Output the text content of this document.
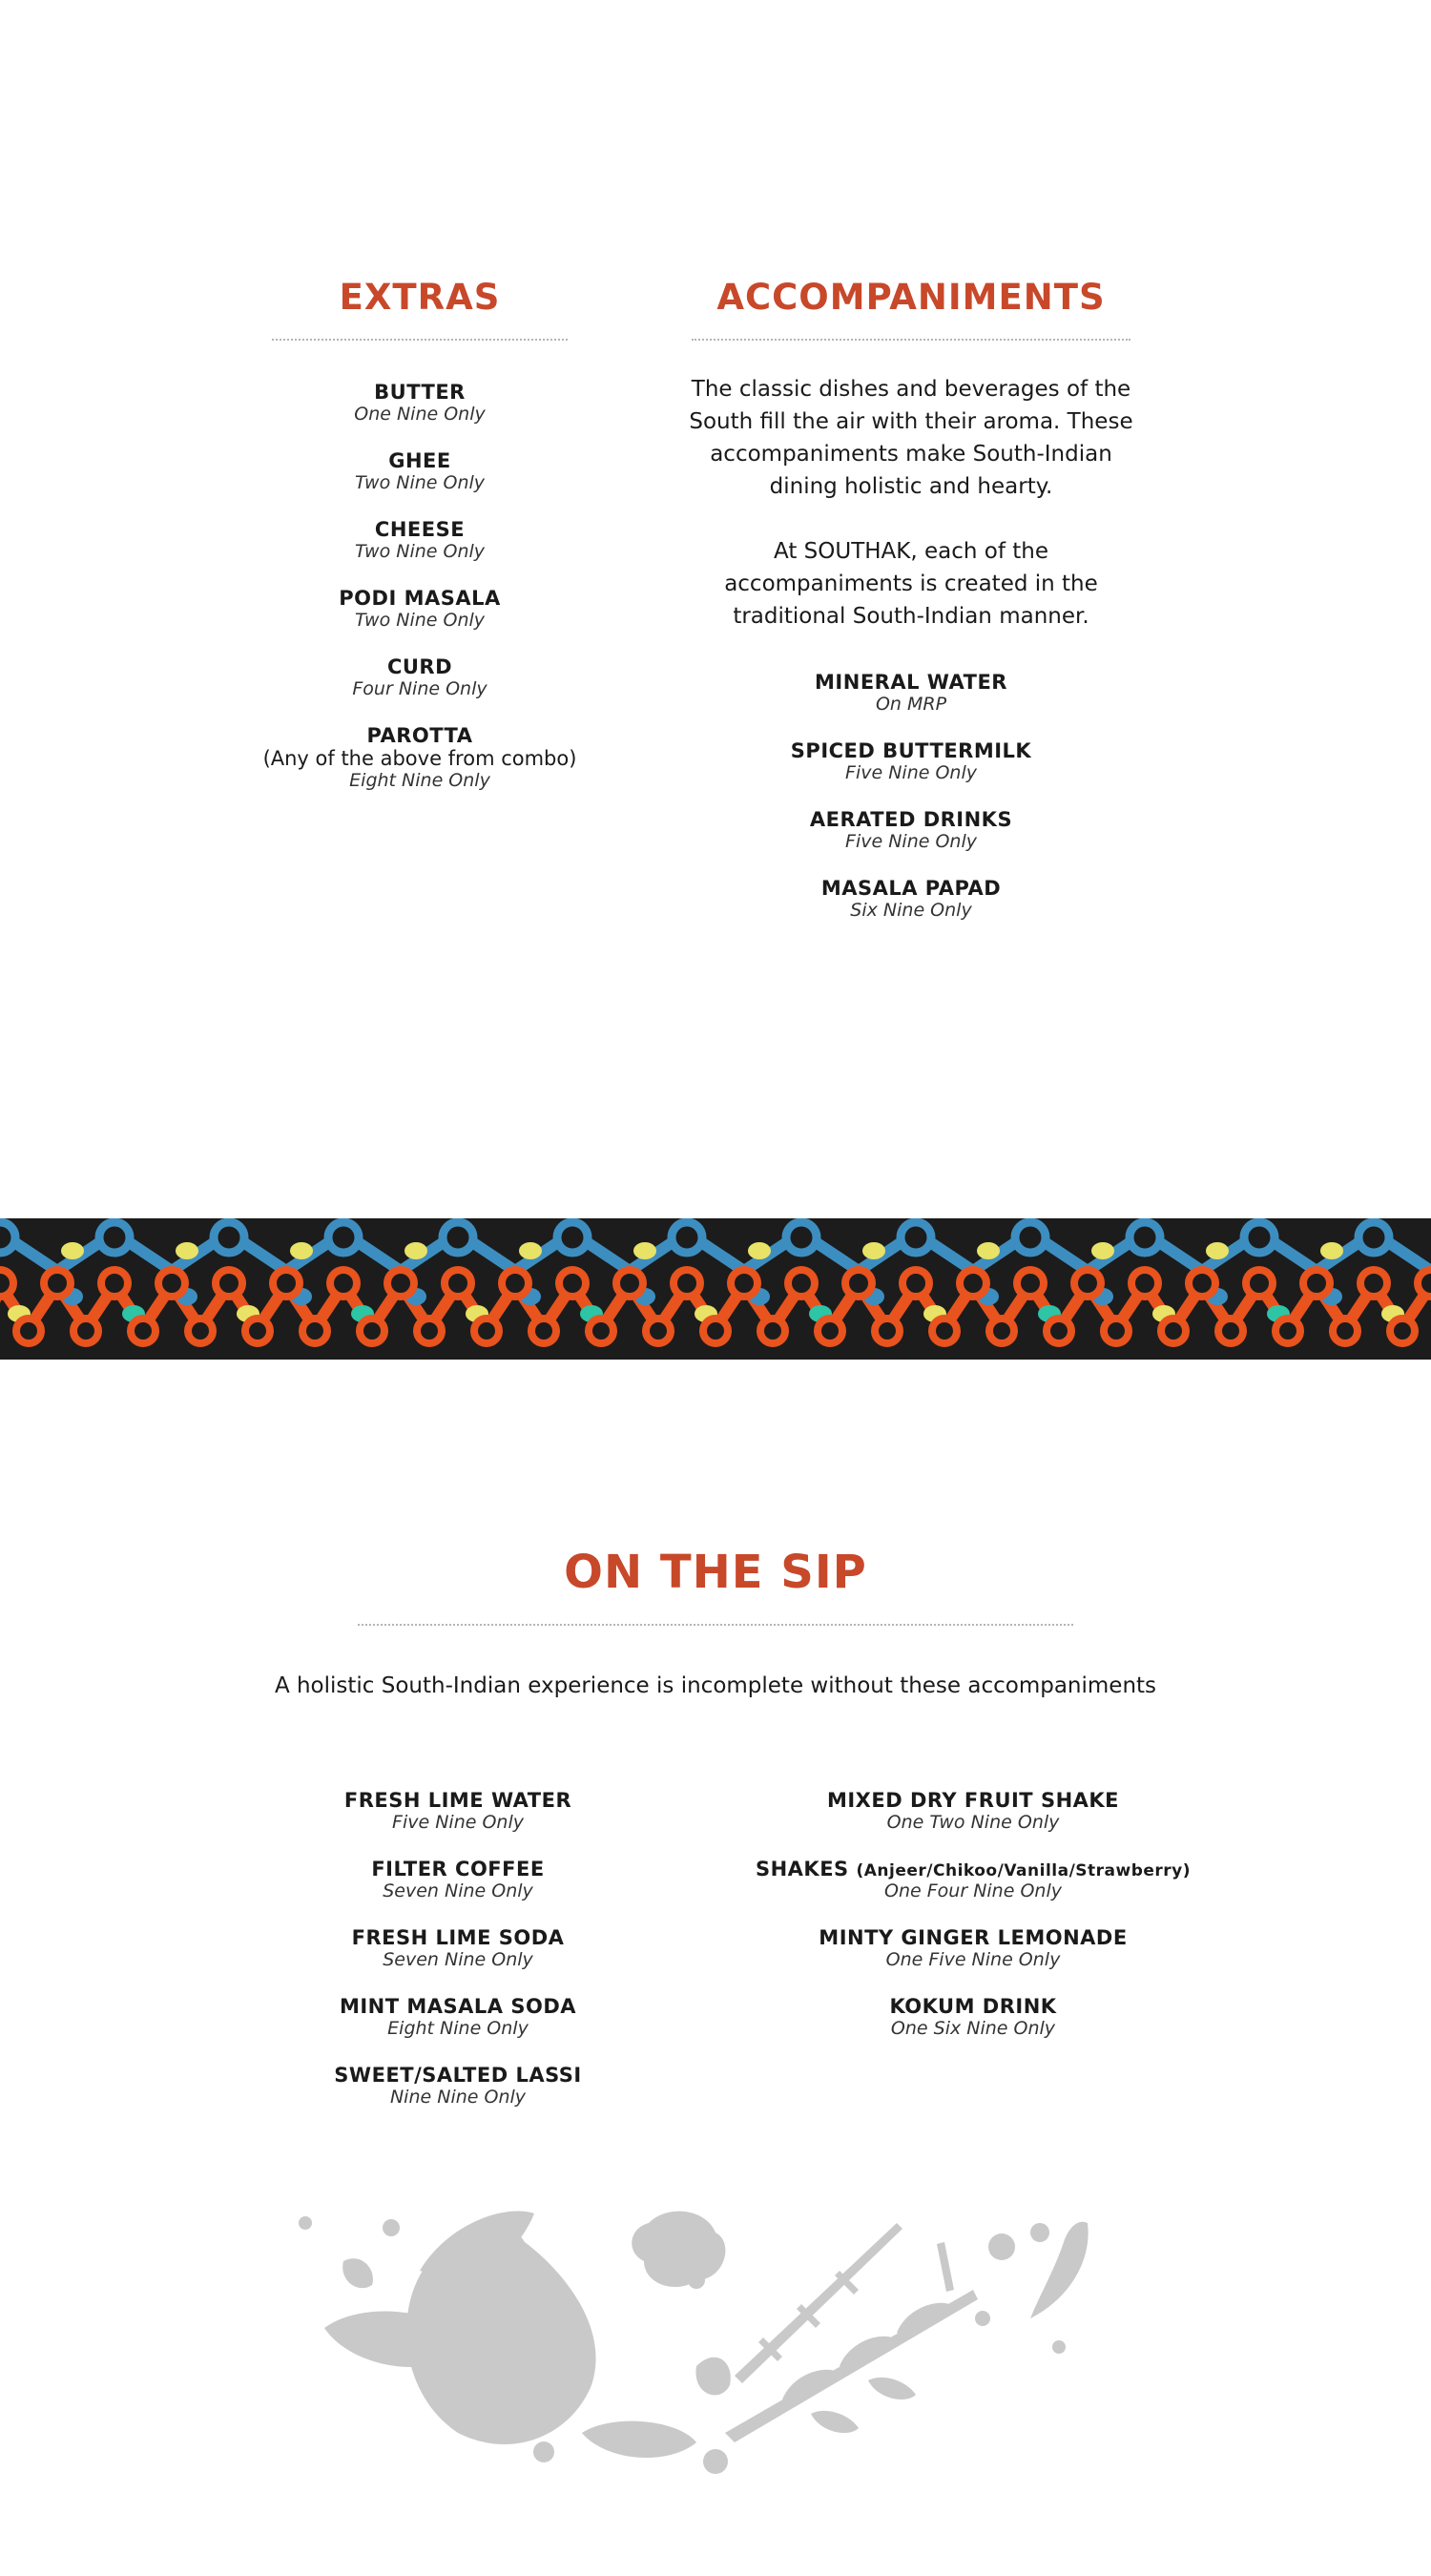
EXTRAS
BUTTER
One Nine Only
GHEE
Two Nine Only
CHEESE
Two Nine Only
PODI MASALA
Two Nine Only
CURD
Four Nine Only
PAROTTA
(Any of the above from combo)
Eight Nine Only
ACCOMPANIMENTS

The classic dishes and beverages of the South fill the air with their aroma. These accompaniments make South-Indian dining holistic and hearty.

At SOUTHAK, each of the accompaniments is created in the traditional South-Indian manner.

MINERAL WATER
On MRP
SPICED BUTTERMILK
Five Nine Only
AERATED DRINKS
Five Nine Only
MASALA PAPAD
Six Nine Only
ON THE SIP

A holistic South-Indian experience is incomplete without these accompaniments

FRESH LIME WATER
Five Nine Only
FILTER COFFEE
Seven Nine Only
FRESH LIME SODA
Seven Nine Only
MINT MASALA SODA
Eight Nine Only
SWEET/SALTED LASSI
Nine Nine Only
MIXED DRY FRUIT SHAKE
One Two Nine Only
SHAKES (Anjeer/Chikoo/Vanilla/Strawberry)
One Four Nine Only
MINTY GINGER LEMONADE
One Five Nine Only
KOKUM DRINK
One Six Nine Only
